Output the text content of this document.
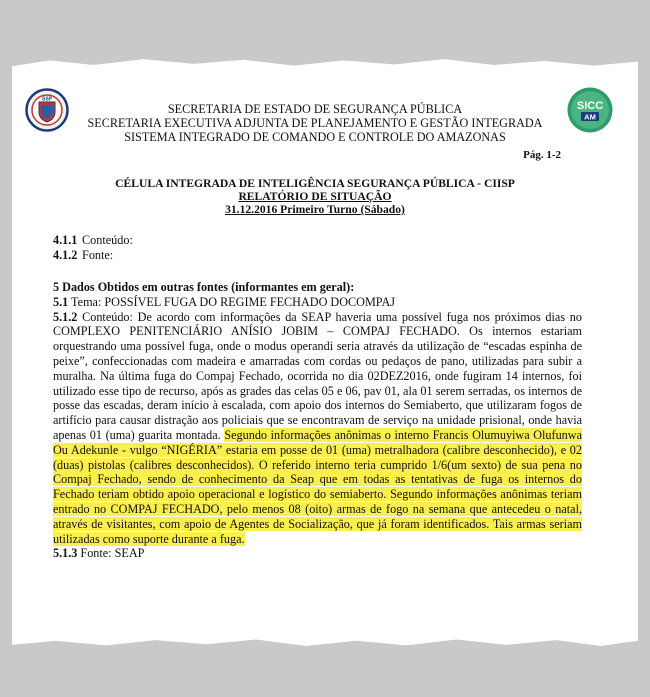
SSP
SICC
AM
SECRETARIA DE ESTADO DE SEGURANÇA PÚBLICA
SECRETARIA EXECUTIVA ADJUNTA DE PLANEJAMENTO E GESTÃO INTEGRADA
SISTEMA INTEGRADO DE COMANDO E CONTROLE DO AMAZONAS
Pág. 1-2
CÉLULA INTEGRADA DE INTELIGÊNCIA SEGURANÇA PÚBLICA - CIISP
RELATÓRIO DE SITUAÇÃO
31.12.2016 Primeiro Turno (Sábado)
4.1.1 Conteúdo:
4.1.2 Fonte:

5 Dados Obtidos em outras fontes (informantes em geral):

5.1 Tema: POSSÍVEL FUGA DO REGIME FECHADO DOCOMPAJ

5.1.2 Conteúdo: De acordo com informações da SEAP haveria uma possível fuga nos próximos dias no COMPLEXO PENITENCIÁRIO ANÍSIO JOBIM – COMPAJ FECHADO. Os internos estariam orquestrando uma possível fuga, onde o modus operandi seria através da utilização de “escadas espinha de peixe”, confeccionadas com madeira e amarradas com cordas ou pedaços de pano, utilizadas para subir a muralha. Na última fuga do Compaj Fechado, ocorrida no dia 02DEZ2016, onde fugiram 14 internos, foi utilizado esse tipo de recurso, após as grades das celas 05 e 06, pav 01, ala 01 serem serradas, os internos de posse das escadas, deram início à escalada, com apoio dos internos do Semiaberto, que utilizaram fogos de artifício para causar distração aos policiais que se encontravam de serviço na unidade prisional, onde havia apenas 01 (uma) guarita montada. Segundo informações anônimas o interno Francis Olumuyiwa Olufunwa Ou Adekunle - vulgo “NIGÉRIA” estaria em posse de 01 (uma) metralhadora (calibre desconhecido), e 02 (duas) pistolas (calibres desconhecidos). O referido interno teria cumprido 1/6(um sexto) de sua pena no Compaj Fechado, sendo de conhecimento da Seap que em todas as tentativas de fuga os internos do Fechado teriam obtido apoio operacional e logístico do semiaberto. Segundo informações anônimas teriam entrado no COMPAJ FECHADO, pelo menos 08 (oito) armas de fogo na semana que antecedeu o natal, através de visitantes, com apoio de Agentes de Socialização, que já foram identificados. Tais armas seriam utilizadas como suporte durante a fuga.

5.1.3 Fonte: SEAP
